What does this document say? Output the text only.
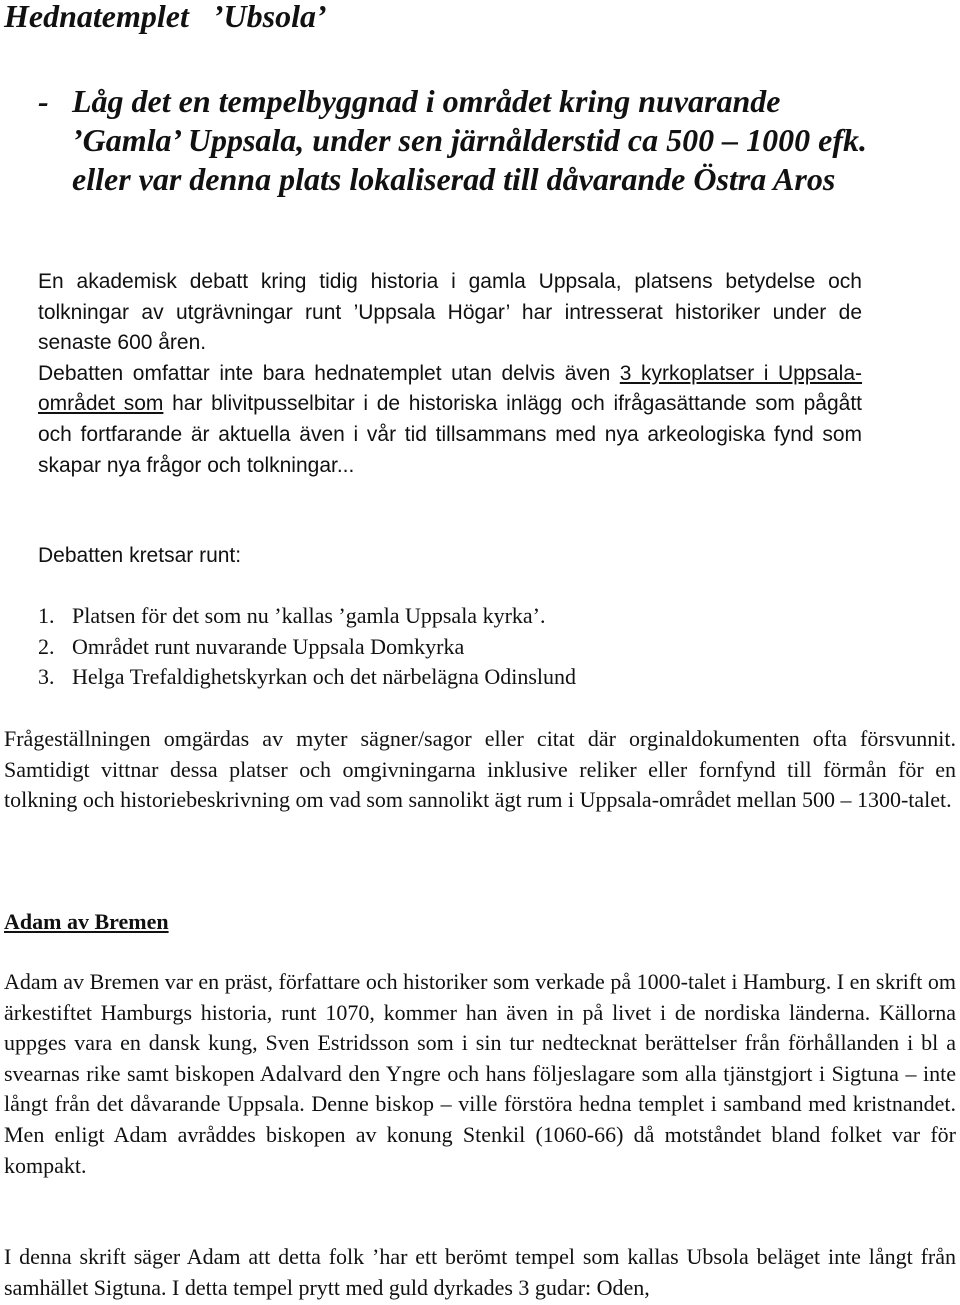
Hednatemplet   ’Ubsola’
- Låg det en tempelbyggnad i området kring nuvarande ’Gamla’ Uppsala, under sen järnålderstid ca 500 – 1000 efk. eller var denna plats lokaliserad till dåvarande Östra Aros

En akademisk debatt kring tidig historia i gamla Uppsala, platsens betydelse och tolkningar av utgrävningar runt ’Uppsala Högar’ har intresserat historiker under de senaste 600 åren.

Debatten omfattar inte bara hednatemplet utan delvis även 3 kyrkoplatser i Uppsala-området som har blivitpusselbitar i de historiska inlägg och ifrågasättande som pågått och fortfarande är aktuella även i vår tid tillsammans med nya arkeologiska fynd som skapar nya frågor och tolkningar...

Debatten kretsar runt:

1. Platsen för det som nu ’kallas ’gamla Uppsala kyrka’.
2. Området runt nuvarande Uppsala Domkyrka
3. Helga Trefaldighetskyrkan och det närbelägna Odinslund

Frågeställningen omgärdas av myter sägner/sagor eller citat där orginaldokumenten ofta försvunnit. Samtidigt vittnar dessa platser och omgivningarna inklusive reliker eller fornfynd till förmån för en tolkning och historiebeskrivning om vad som sannolikt ägt rum i Uppsala-området mellan 500 – 1300-talet.

Adam av Bremen

Adam av Bremen var en präst, författare och historiker som verkade på 1000-talet i Hamburg. I en skrift om ärkestiftet Hamburgs historia, runt 1070, kommer han även in på livet i de nordiska länderna. Källorna uppges vara en dansk kung, Sven Estridsson som i sin tur nedtecknat berättelser från förhållanden i bl a svearnas rike samt biskopen Adalvard den Yngre och hans följeslagare som alla tjänstgjort i Sigtuna – inte långt från det dåvarande Uppsala. Denne biskop – ville förstöra hedna templet i samband med kristnandet. Men enligt Adam avråddes biskopen av konung Stenkil (1060-66) då motståndet bland folket var för kompakt.

I denna skrift säger Adam att detta folk ’har ett berömt tempel som kallas Ubsola beläget inte långt från samhället Sigtuna. I detta tempel prytt med guld dyrkades 3 gudar: Oden,
